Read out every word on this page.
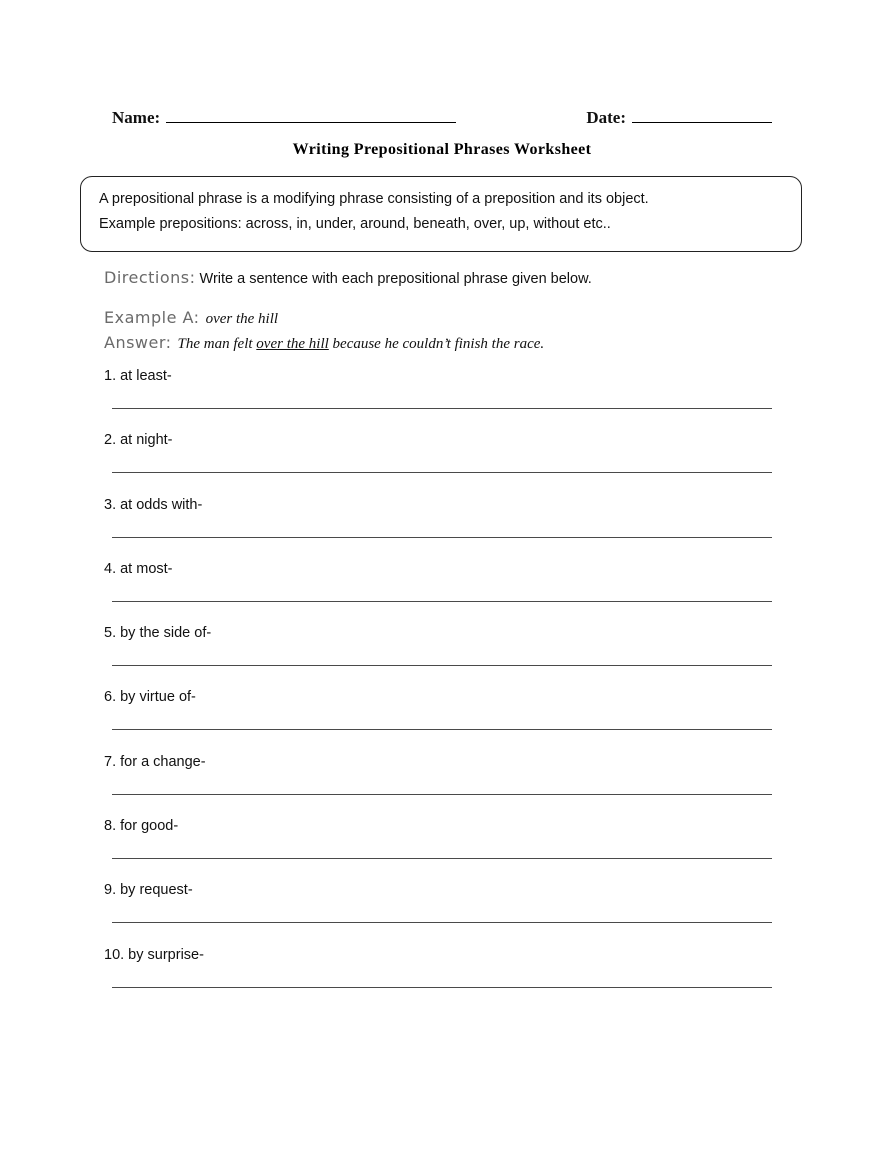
Name:	Date:
Writing Prepositional Phrases Worksheet

A prepositional phrase is a modifying phrase consisting of a preposition and its object.

Example prepositions: across, in, under, around, beneath, over, up, without etc..

Directions: Write a sentence with each prepositional phrase given below.
Example A: over the hill
Answer: The man felt over the hill because he couldn’t finish the race.
1. at least-
2. at night-
3. at odds with-
4. at most-
5. by the side of-
6. by virtue of-
7. for a change-
8. for good-
9. by request-
10. by surprise-
